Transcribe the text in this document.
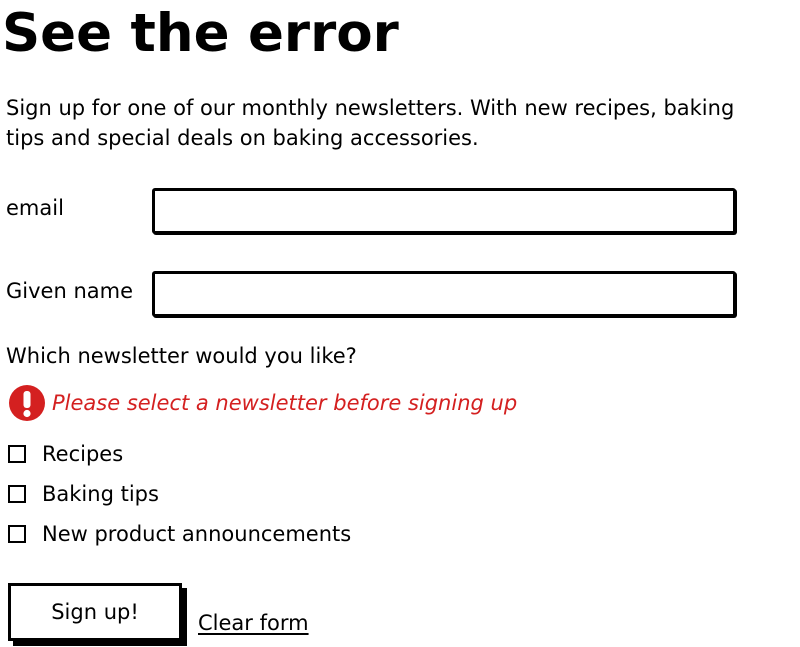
See the error

Sign up for one of our monthly newsletters. With new recipes, baking tips and special deals on baking accessories.

email
Given name
Which newsletter would you like?
Please select a newsletter before signing up
Recipes
Baking tips
New product announcements
Sign up!	Clear form
